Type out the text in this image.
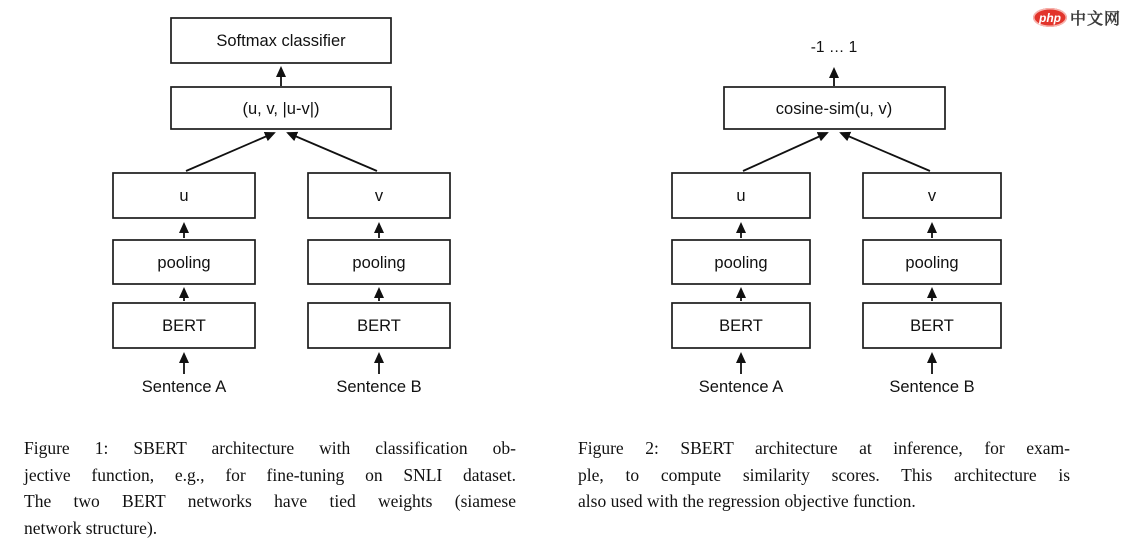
Softmax classifier
(u, v, |u-v|)
u	v
pooling	pooling
BERT	BERT
Sentence A	Sentence B
-1 … 1
cosine-sim(u, v)
u	v
pooling	pooling
BERT	BERT
Sentence A	Sentence B
Figure 1: SBERT architecture with classification ob-
jective function, e.g., for fine-tuning on SNLI dataset.
The two BERT networks have tied weights (siamese
network structure).
Figure 2: SBERT architecture at inference, for exam-
ple, to compute similarity scores. This architecture is
also used with the regression objective function.
php 中文网
